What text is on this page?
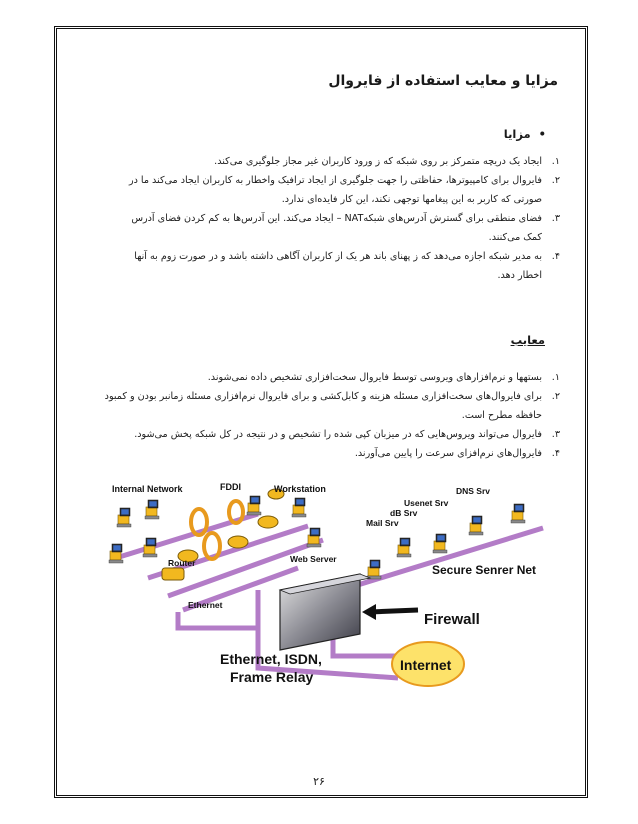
مزایا و معایب استفاده از فایروال
•مزایا
۱.
ایجاد یک دریچه متمرکز بر روی شبکه که ز ورود کاربران غیر مجاز جلوگیری می‌کند.
۲.
فایروال برای کامپیوترها، حفاظتی را جهت جلوگیری از ایجاد ترافیک واخطار به کاربران ایجاد می‌کند ما در
صورتی که کاربر به این پیغامها توجهی نکند، این کار فایده‌ای ندارد.
۳.
فضای منطقی برای گسترش آدرس‌های شبکهNAT – ایجاد می‌کند. این آدرس‌ها به کم کردن فضای آدرس
کمک می‌کنند.
۴.
به مدیر شبکه اجازه می‌دهد که ز پهنای باند هر یک از کاربران آگاهی داشته باشد و در صورت زوم به آنها
اخطار دهد.
معایب
۱.
بستهها و نرم‌افزارهای ویروسی توسط فایروال سخت‌افزاری تشخیص داده نمی‌شوند.
۲.
برای فایروال‌های سخت‌افزاری مسئله هزینه و کابل‌کشی و برای فایروال نرم‌افزاری مسئله زمانبر بودن و کمبود
حافظه مطرح است.
۳.
فایروال می‌تواند ویروس‌هایی که در میزبان کپی شده را تشخیص و در نتیجه در کل شبکه پخش می‌شود.
۴.
فایروال‌های نرم‌افزای سرعت را پایین می‌آورند.
Internal Network	FDDI	Workstation
Router	Web Server
Ethernet
Mail Srv
dB Srv
Usenet Srv
DNS Srv
Secure Senrer Net
Firewall
Ethernet, ISDN,
Frame Relay
Internet
۲۶
